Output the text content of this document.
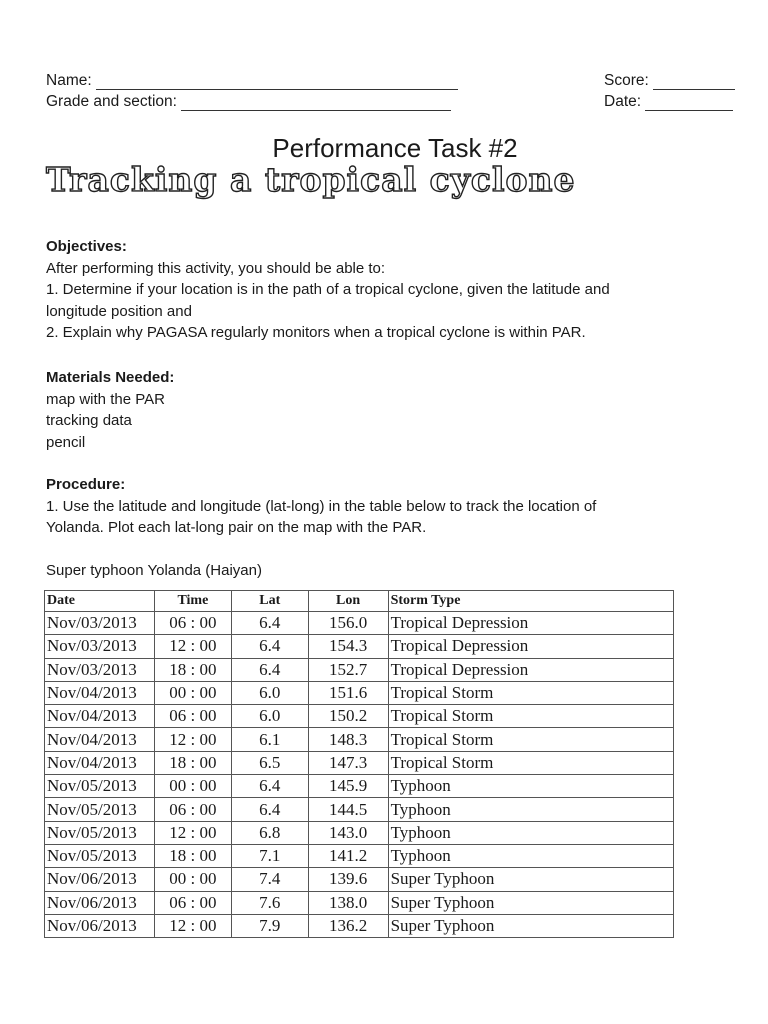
Name:
Grade and section:
Score:
Date:
Performance Task #2
Tracking a tropical cyclone
Objectives:
After performing this activity, you should be able to:
1. Determine if your location is in the path of a tropical cyclone, given the latitude and
longitude position and
2. Explain why PAGASA regularly monitors when a tropical cyclone is within PAR.
Materials Needed:
map with the PAR
tracking data
pencil
Procedure:
1. Use the latitude and longitude (lat-long) in the table below to track the location of
Yolanda. Plot each lat-long pair on the map with the PAR.
Super typhoon Yolanda (Haiyan)
Date	Time	Lat	Lon	Storm Type
Nov/03/2013	06 : 00	6.4	156.0	Tropical Depression
Nov/03/2013	12 : 00	6.4	154.3	Tropical Depression
Nov/03/2013	18 : 00	6.4	152.7	Tropical Depression
Nov/04/2013	00 : 00	6.0	151.6	Tropical Storm
Nov/04/2013	06 : 00	6.0	150.2	Tropical Storm
Nov/04/2013	12 : 00	6.1	148.3	Tropical Storm
Nov/04/2013	18 : 00	6.5	147.3	Tropical Storm
Nov/05/2013	00 : 00	6.4	145.9	Typhoon
Nov/05/2013	06 : 00	6.4	144.5	Typhoon
Nov/05/2013	12 : 00	6.8	143.0	Typhoon
Nov/05/2013	18 : 00	7.1	141.2	Typhoon
Nov/06/2013	00 : 00	7.4	139.6	Super Typhoon
Nov/06/2013	06 : 00	7.6	138.0	Super Typhoon
Nov/06/2013	12 : 00	7.9	136.2	Super Typhoon
